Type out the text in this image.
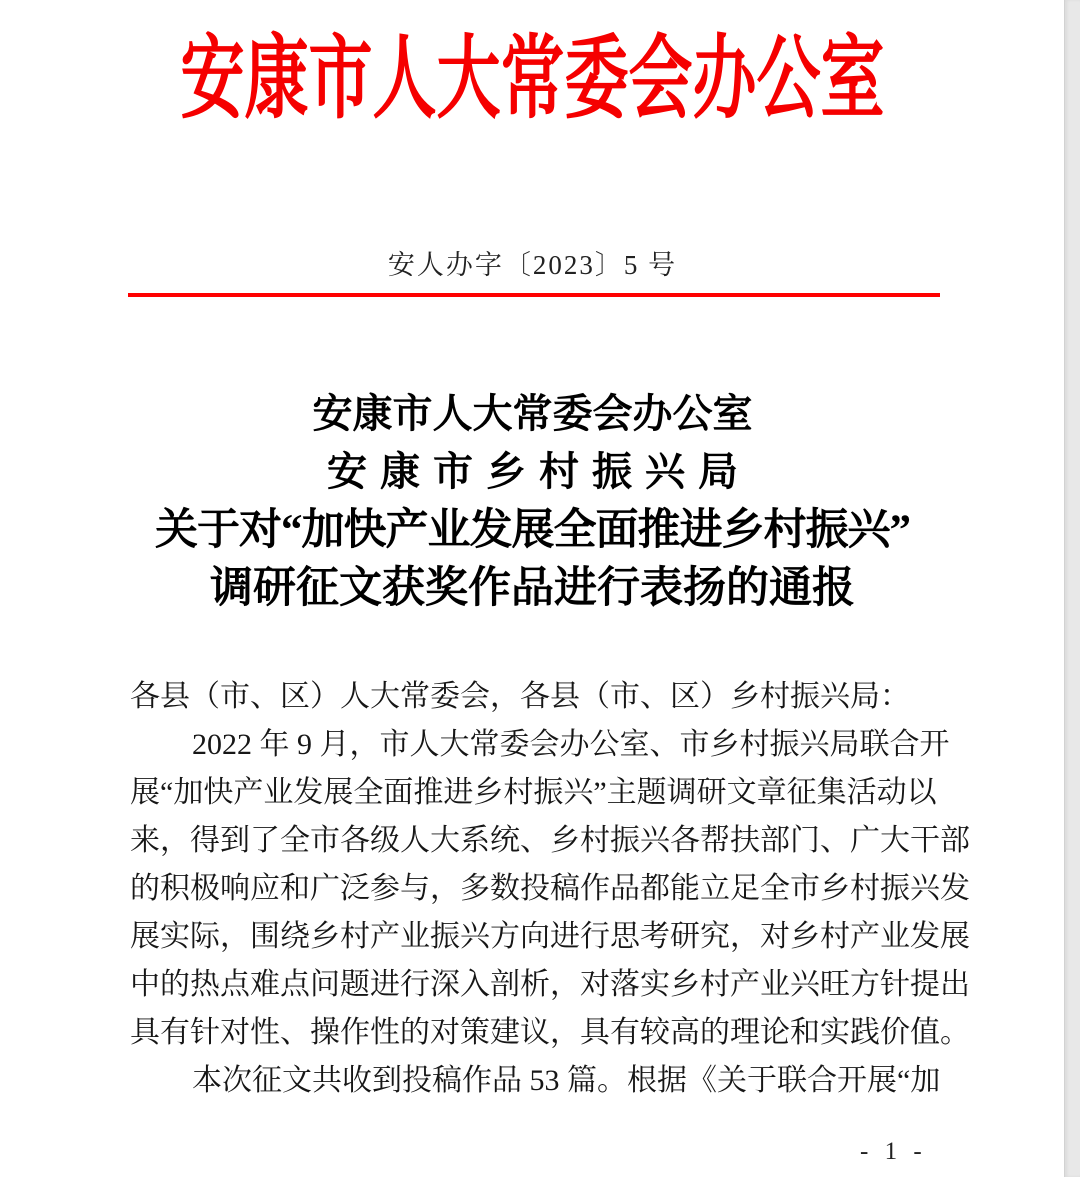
安康市人大常委会办公室
安人办字〔2023〕5 号
安康市人大常委会办公室
安康市乡村振兴局
关于对“加快产业发展全面推进乡村振兴”
调研征文获奖作品进行表扬的通报
各县（市、区）人大常委会，各县（市、区）乡村振兴局：
2022 年 9 月，市人大常委会办公室、市乡村振兴局联合开
展“加快产业发展全面推进乡村振兴”主题调研文章征集活动以
来，得到了全市各级人大系统、乡村振兴各帮扶部门、广大干部
的积极响应和广泛参与，多数投稿作品都能立足全市乡村振兴发
展实际，围绕乡村产业振兴方向进行思考研究，对乡村产业发展
中的热点难点问题进行深入剖析，对落实乡村产业兴旺方针提出
具有针对性、操作性的对策建议，具有较高的理论和实践价值。
本次征文共收到投稿作品 53 篇。根据《关于联合开展“加
- 1 -
